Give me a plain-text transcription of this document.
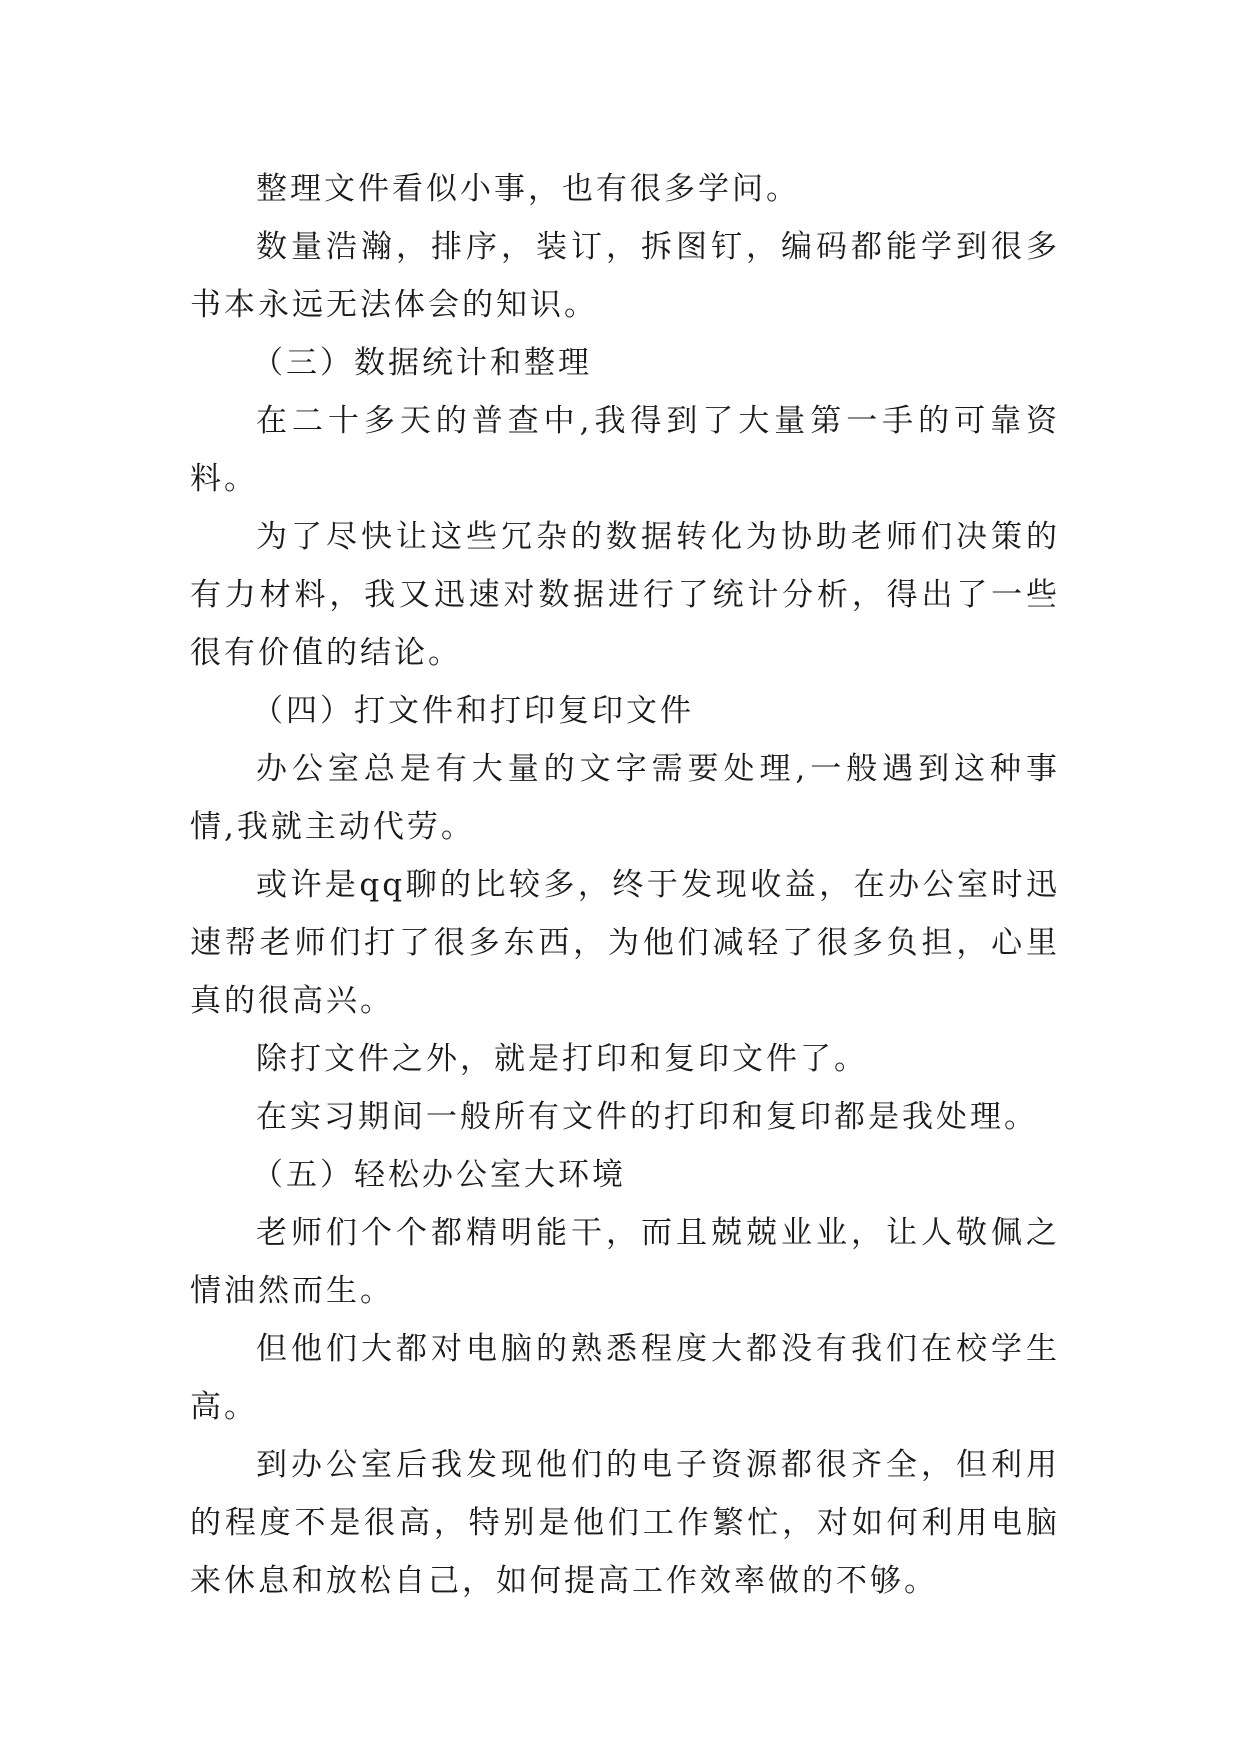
整理文件看似小事，也有很多学问。

数量浩瀚，排序，装订，拆图钉，编码都能学到很多书本永远无法体会的知识。

（三）数据统计和整理

在二十多天的普查中,我得到了大量第一手的可靠资料。

为了尽快让这些冗杂的数据转化为协助老师们决策的有力材料，我又迅速对数据进行了统计分析，得出了一些很有价值的结论。

（四）打文件和打印复印文件

办公室总是有大量的文字需要处理,一般遇到这种事情,我就主动代劳。

或许是qq聊的比较多，终于发现收益，在办公室时迅速帮老师们打了很多东西，为他们减轻了很多负担，心里真的很高兴。

除打文件之外，就是打印和复印文件了。

在实习期间一般所有文件的打印和复印都是我处理。

（五）轻松办公室大环境

老师们个个都精明能干，而且兢兢业业，让人敬佩之情油然而生。

但他们大都对电脑的熟悉程度大都没有我们在校学生高。

到办公室后我发现他们的电子资源都很齐全，但利用的程度不是很高，特别是他们工作繁忙，对如何利用电脑来休息和放松自己，如何提高工作效率做的不够。
